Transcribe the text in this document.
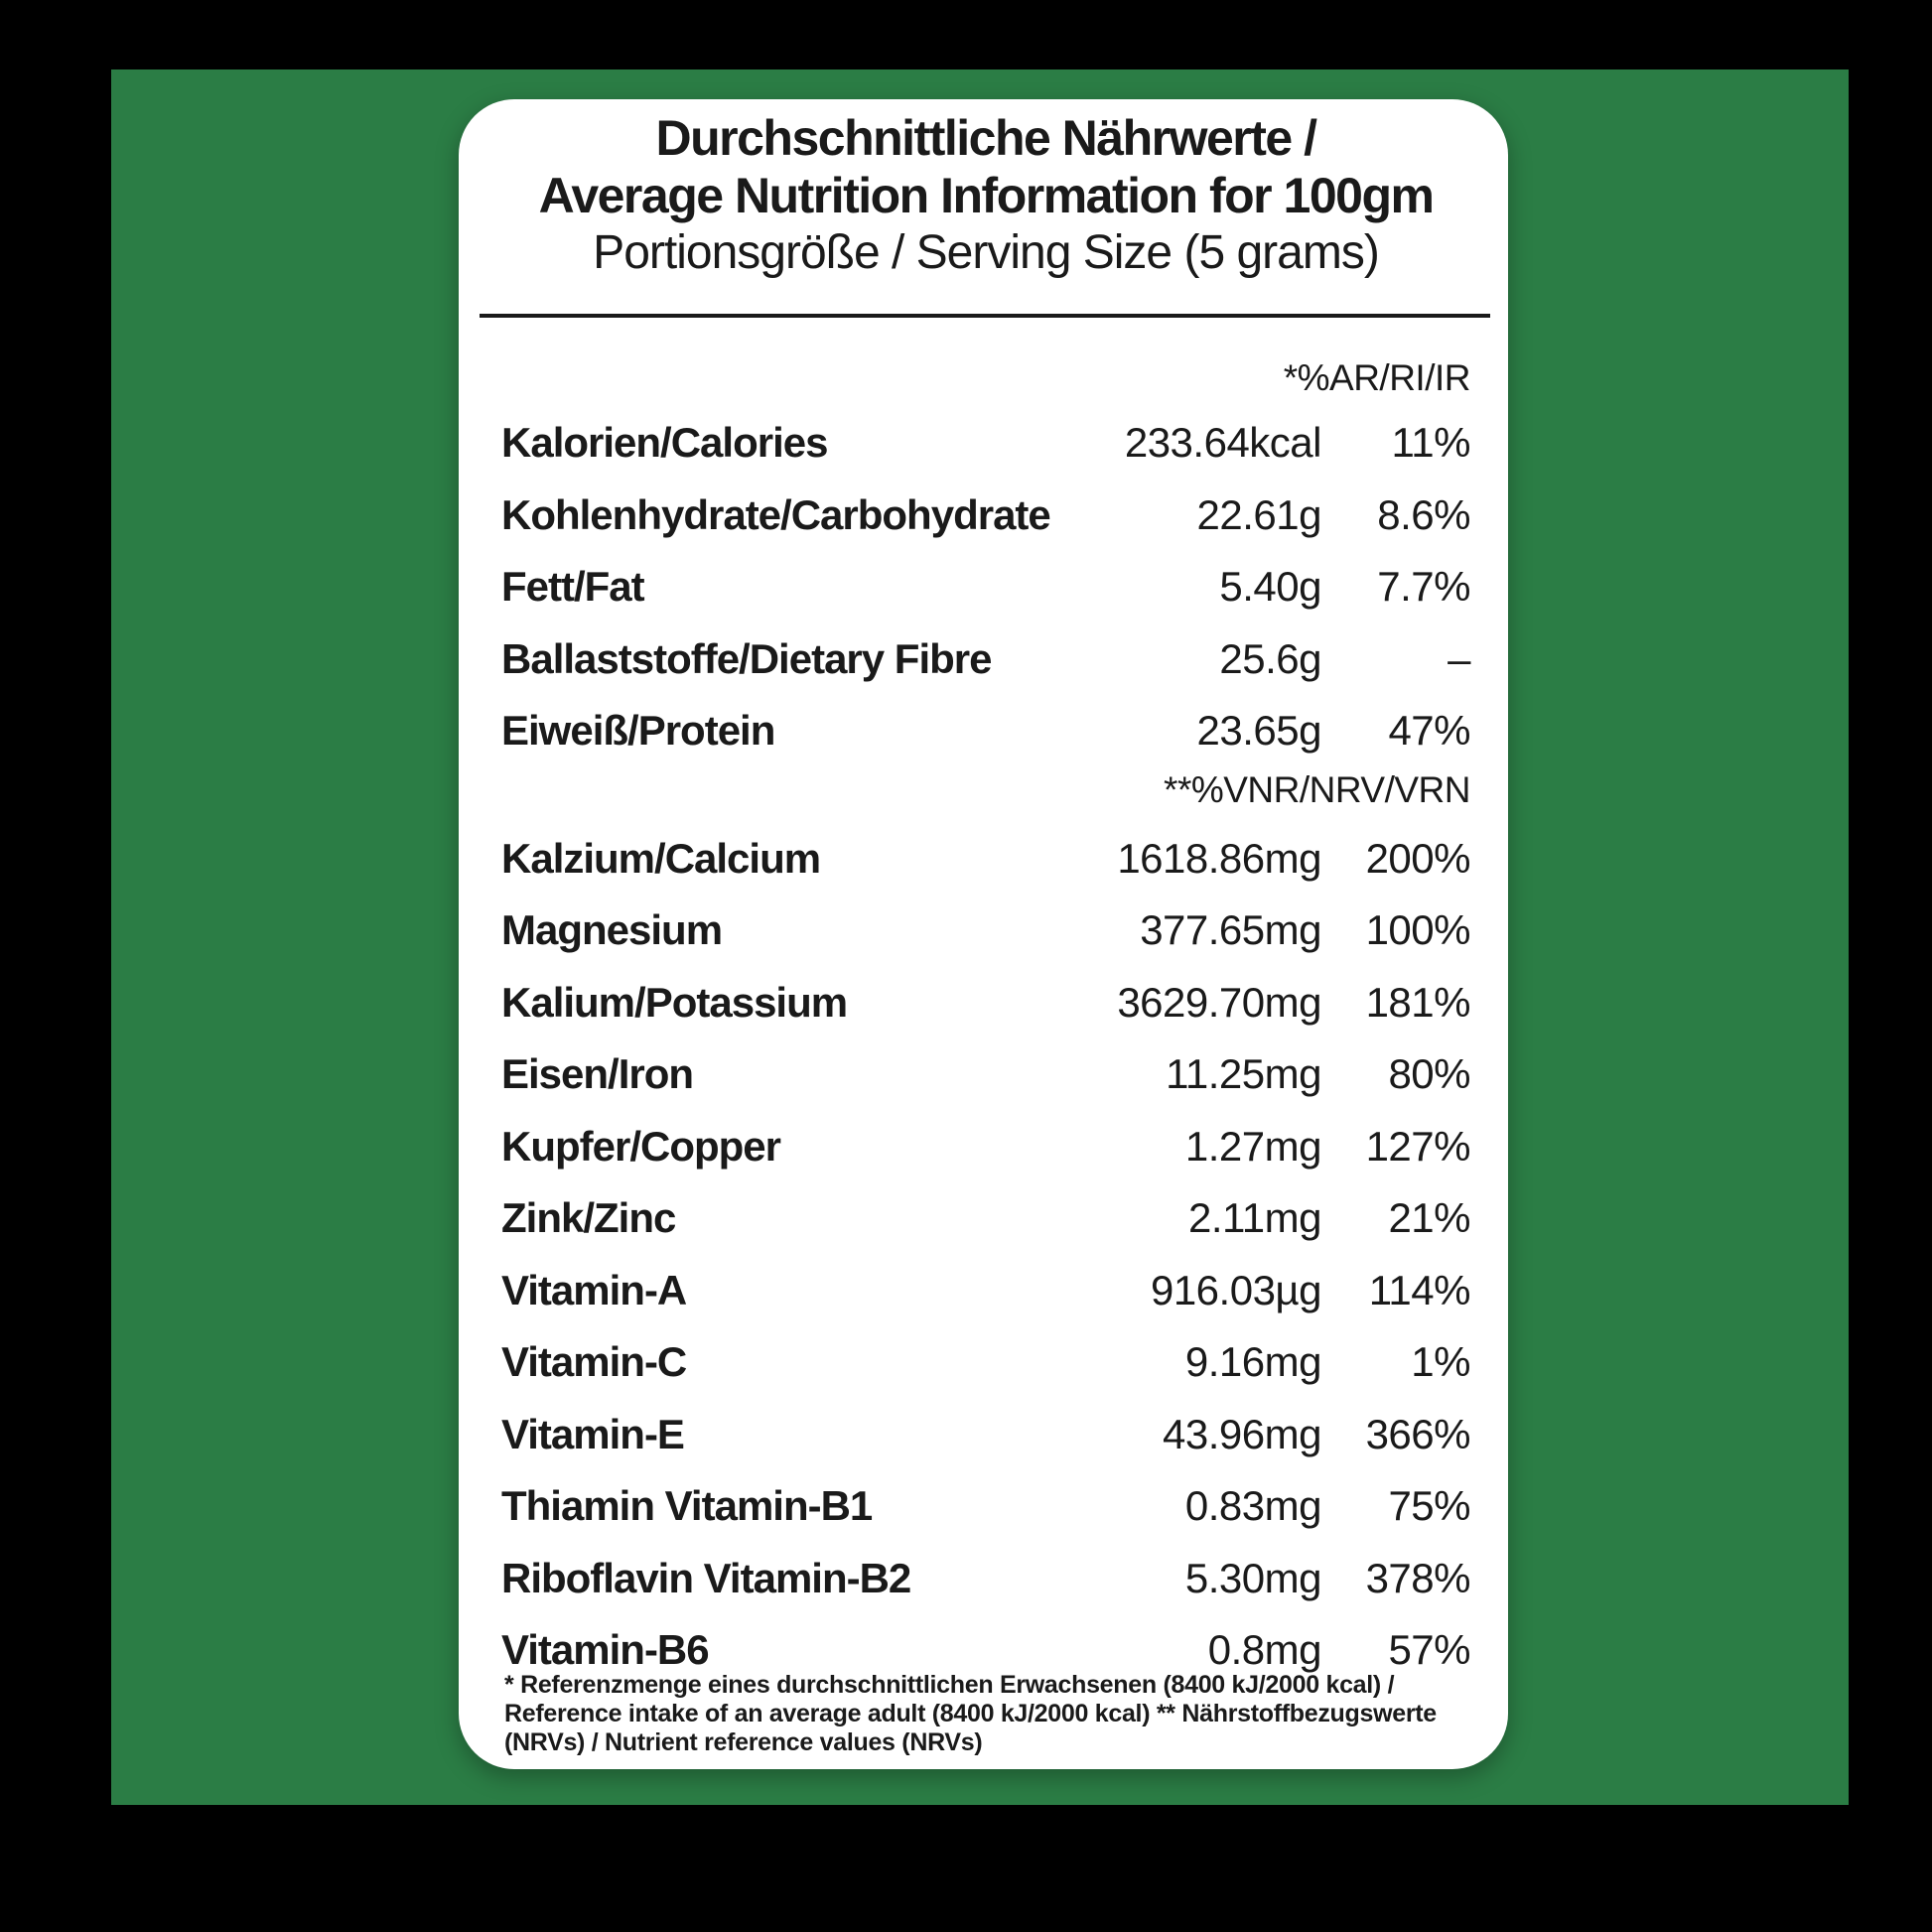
Durchschnittliche Nährwerte /
Average Nutrition Information for 100gm
Portionsgröße / Serving Size (5 grams)
*%AR/RI/IR
Kalorien/Calories	233.64kcal	11%
Kohlenhydrate/Carbohydrate	22.61g	8.6%
Fett/Fat	5.40g	7.7%
Ballaststoffe/Dietary Fibre	25.6g	–
Eiweiß/Protein	23.65g	47%
**%VNR/NRV/VRN
Kalzium/Calcium	1618.86mg	200%
Magnesium	377.65mg	100%
Kalium/Potassium	3629.70mg	181%
Eisen/Iron	11.25mg	80%
Kupfer/Copper	1.27mg	127%
Zink/Zinc	2.11mg	21%
Vitamin-A	916.03µg	114%
Vitamin-C	9.16mg	1%
Vitamin-E	43.96mg	366%
Thiamin Vitamin-B1	0.83mg	75%
Riboflavin Vitamin-B2	5.30mg	378%
Vitamin-B6	0.8mg	57%
* Referenzmenge eines durchschnittlichen Erwachsenen (8400 kJ/2000 kcal) / Reference intake of an average adult (8400 kJ/2000 kcal) ** Nährstoffbezugswerte (NRVs) / Nutrient reference values (NRVs)
